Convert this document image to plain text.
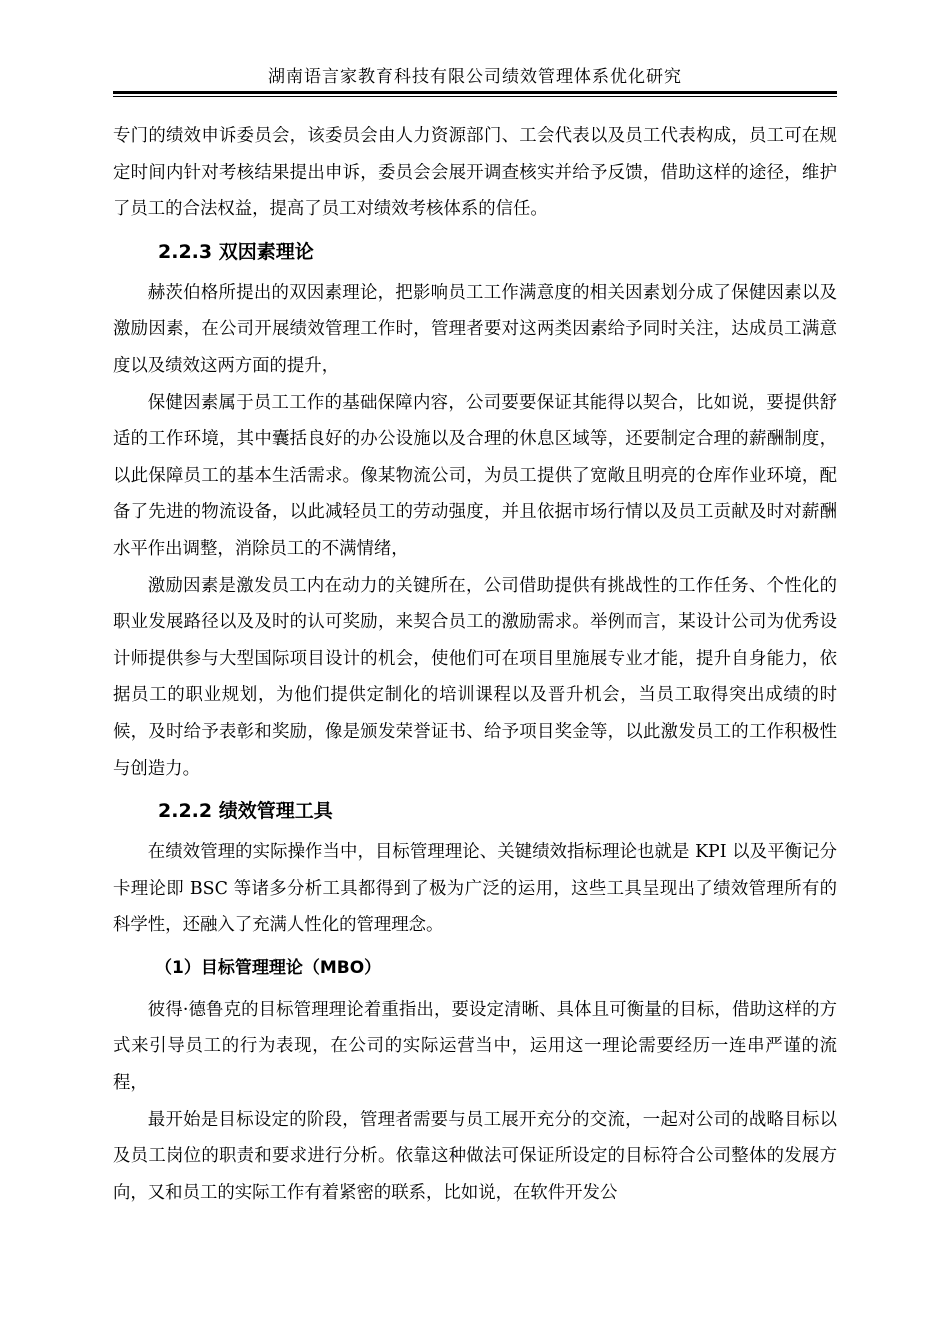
湖南语言家教育科技有限公司绩效管理体系优化研究

专门的绩效申诉委员会，该委员会由人力资源部门、工会代表以及员工代表构成，员工可在规定时间内针对考核结果提出申诉，委员会会展开调查核实并给予反馈，借助这样的途径，维护了员工的合法权益，提高了员工对绩效考核体系的信任。

2.2.3 双因素理论

赫茨伯格所提出的双因素理论，把影响员工工作满意度的相关因素划分成了保健因素以及激励因素，在公司开展绩效管理工作时，管理者要对这两类因素给予同时关注，达成员工满意度以及绩效这两方面的提升，

保健因素属于员工工作的基础保障内容，公司要要保证其能得以契合，比如说，要提供舒适的工作环境，其中囊括良好的办公设施以及合理的休息区域等，还要制定合理的薪酬制度，以此保障员工的基本生活需求。像某物流公司，为员工提供了宽敞且明亮的仓库作业环境，配备了先进的物流设备，以此减轻员工的劳动强度，并且依据市场行情以及员工贡献及时对薪酬水平作出调整，消除员工的不满情绪，

激励因素是激发员工内在动力的关键所在，公司借助提供有挑战性的工作任务、个性化的职业发展路径以及及时的认可奖励，来契合员工的激励需求。举例而言，某设计公司为优秀设计师提供参与大型国际项目设计的机会，使他们可在项目里施展专业才能，提升自身能力，依据员工的职业规划，为他们提供定制化的培训课程以及晋升机会，当员工取得突出成绩的时候，及时给予表彰和奖励，像是颁发荣誉证书、给予项目奖金等，以此激发员工的工作积极性与创造力。

2.2.2 绩效管理工具

在绩效管理的实际操作当中，目标管理理论、关键绩效指标理论也就是 KPI 以及平衡记分卡理论即 BSC 等诸多分析工具都得到了极为广泛的运用，这些工具呈现出了绩效管理所有的科学性，还融入了充满人性化的管理理念。

（1）目标管理理论（MBO）

彼得·德鲁克的目标管理理论着重指出，要设定清晰、具体且可衡量的目标，借助这样的方式来引导员工的行为表现，在公司的实际运营当中，运用这一理论需要经历一连串严谨的流程，

最开始是目标设定的阶段，管理者需要与员工展开充分的交流，一起对公司的战略目标以及员工岗位的职责和要求进行分析。依靠这种做法可保证所设定的目标符合公司整体的发展方向，又和员工的实际工作有着紧密的联系，比如说，在软件开发公
